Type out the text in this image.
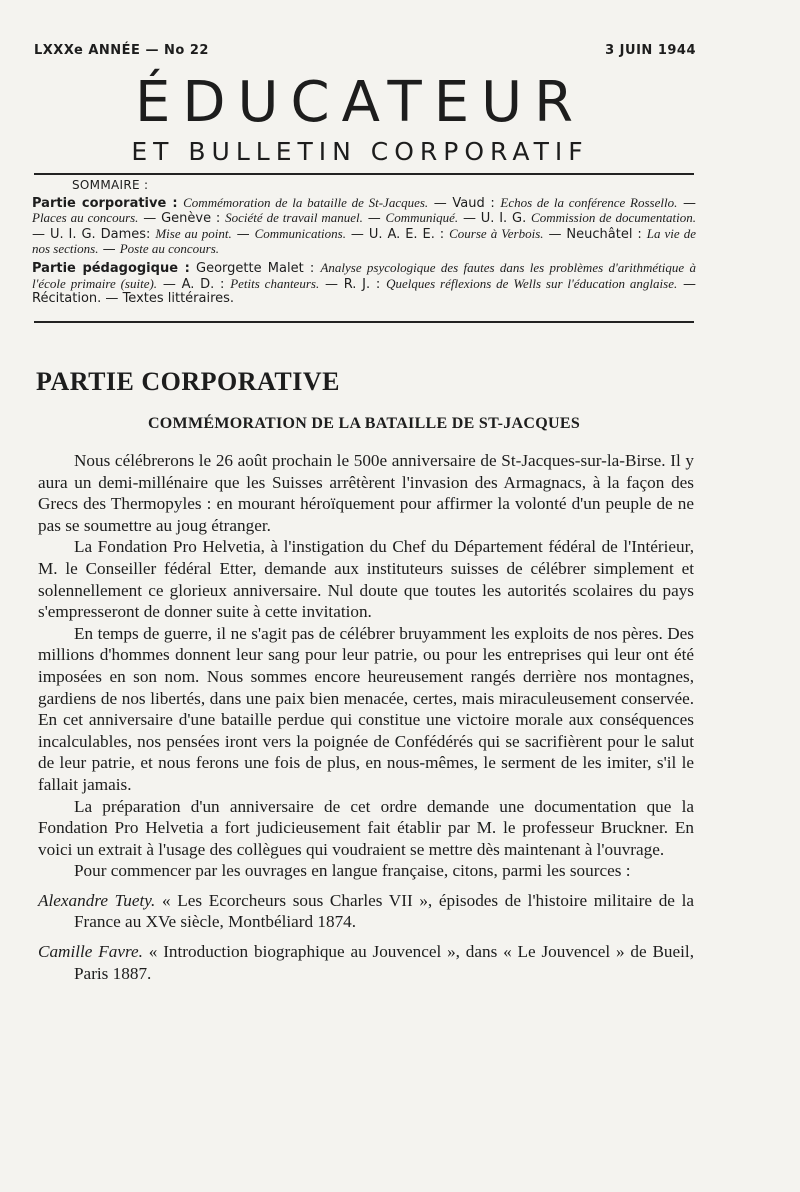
LXXXe ANNÉE — No 22	3 JUIN 1944
ÉDUCATEUR
ET BULLETIN CORPORATIF
SOMMAIRE :

Partie corporative : Commémoration de la bataille de St-Jacques. — Vaud : Echos de la conférence Rossello. — Places au concours. — Genève : Société de travail manuel. — Communiqué. — U. I. G. Commission de documentation. — U. I. G. Dames: Mise au point. — Communications. — U. A. E. E. : Course à Verbois. — Neuchâtel : La vie de nos sections. — Poste au concours.

Partie pédagogique : Georgette Malet : Analyse psycologique des fautes dans les problèmes d'arithmétique à l'école primaire (suite). — A. D. : Petits chanteurs. — R. J. : Quelques réflexions de Wells sur l'éducation anglaise. — Récitation. — Textes littéraires.

PARTIE CORPORATIVE
COMMÉMORATION DE LA BATAILLE DE ST-JACQUES

Nous célébrerons le 26 août prochain le 500e anniversaire de St-Jacques-sur-la-Birse. Il y aura un demi-millénaire que les Suisses arrêtèrent l'invasion des Armagnacs, à la façon des Grecs des Thermopyles : en mourant héroïquement pour affirmer la volonté d'un peuple de ne pas se soumettre au joug étranger.

La Fondation Pro Helvetia, à l'instigation du Chef du Département fédéral de l'Intérieur, M. le Conseiller fédéral Etter, demande aux instituteurs suisses de célébrer simplement et solennellement ce glorieux anniversaire. Nul doute que toutes les autorités scolaires du pays s'empresseront de donner suite à cette invitation.

En temps de guerre, il ne s'agit pas de célébrer bruyamment les exploits de nos pères. Des millions d'hommes donnent leur sang pour leur patrie, ou pour les entreprises qui leur ont été imposées en son nom. Nous sommes encore heureusement rangés derrière nos montagnes, gardiens de nos libertés, dans une paix bien menacée, certes, mais miraculeusement conservée. En cet anniversaire d'une bataille perdue qui constitue une victoire morale aux conséquences incalculables, nos pensées iront vers la poignée de Confédérés qui se sacrifièrent pour le salut de leur patrie, et nous ferons une fois de plus, en nous-mêmes, le serment de les imiter, s'il le fallait jamais.

La préparation d'un anniversaire de cet ordre demande une documentation que la Fondation Pro Helvetia a fort judicieusement fait établir par M. le professeur Bruckner. En voici un extrait à l'usage des collègues qui voudraient se mettre dès maintenant à l'ouvrage.

Pour commencer par les ouvrages en langue française, citons, parmi les sources :

Alexandre Tuety. « Les Ecorcheurs sous Charles VII », épisodes de l'histoire militaire de la France au XVe siècle, Montbéliard 1874.

Camille Favre. « Introduction biographique au Jouvencel », dans « Le Jouvencel » de Bueil, Paris 1887.
